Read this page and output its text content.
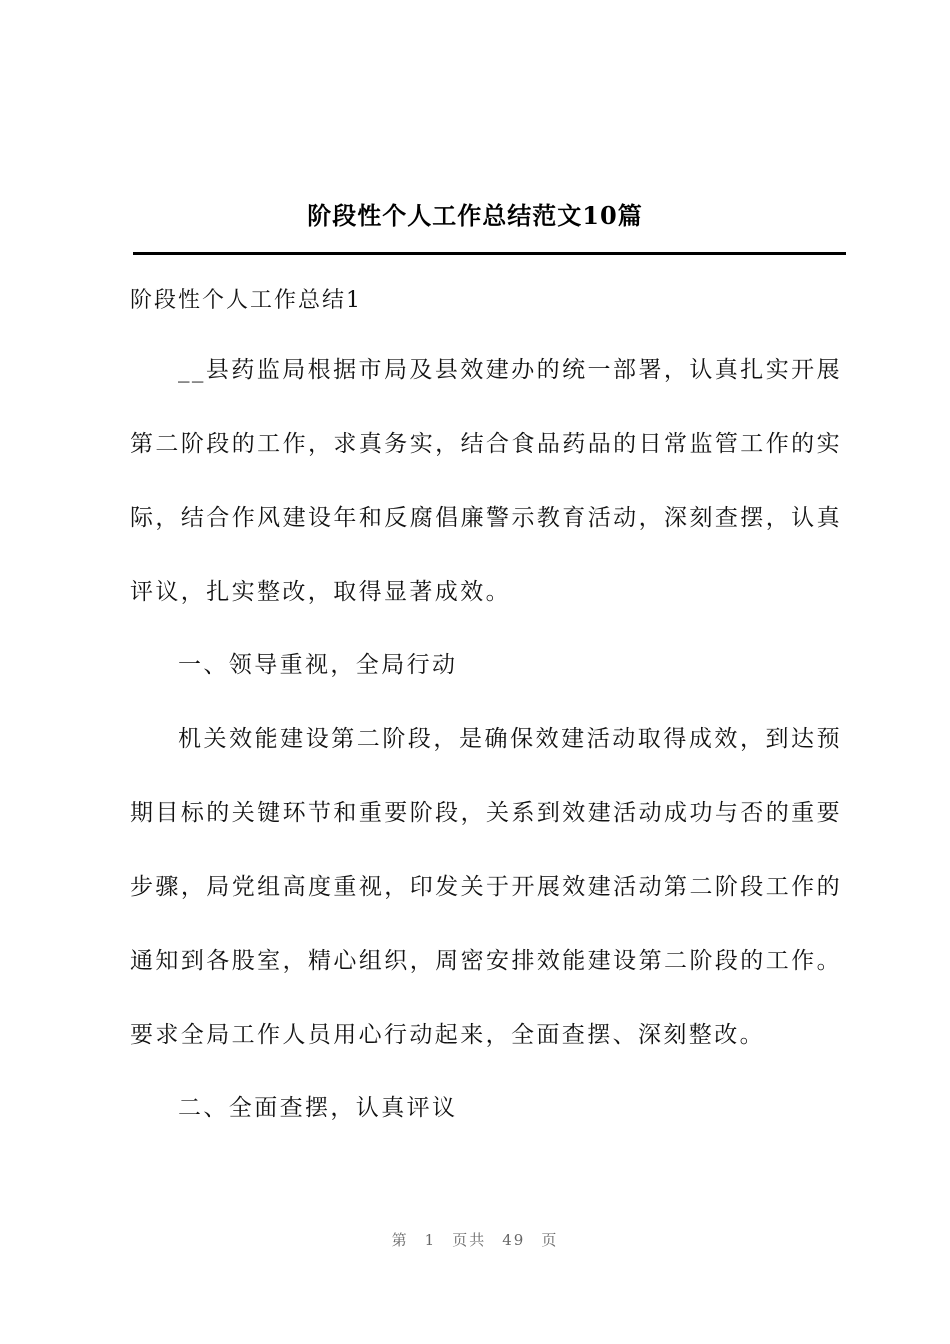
阶段性个人工作总结范文10篇
阶段性个人工作总结1

__县药监局根据市局及县效建办的统一部署，认真扎实开展第二阶段的工作，求真务实，结合食品药品的日常监管工作的实际，结合作风建设年和反腐倡廉警示教育活动，深刻查摆，认真评议，扎实整改，取得显著成效。

一、领导重视，全局行动

机关效能建设第二阶段，是确保效建活动取得成效，到达预期目标的关键环节和重要阶段，关系到效建活动成功与否的重要步骤，局党组高度重视，印发关于开展效建活动第二阶段工作的通知到各股室，精心组织，周密安排效能建设第二阶段的工作。要求全局工作人员用心行动起来，全面查摆、深刻整改。

二、全面查摆，认真评议

第 1 页共 49 页
